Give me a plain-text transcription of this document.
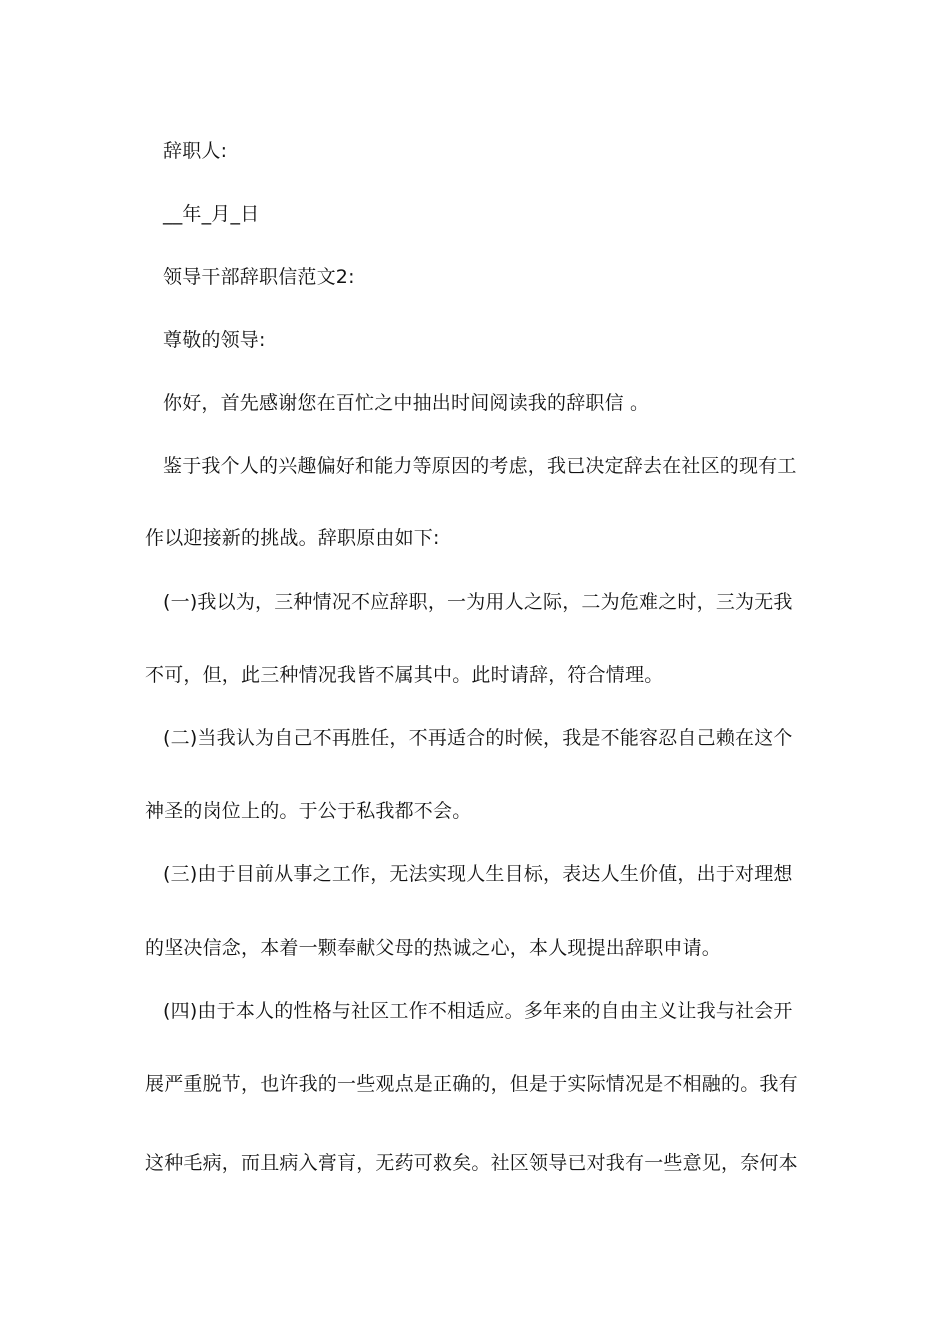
辞职人:
__年_月_日
领导干部辞职信范文2:
尊敬的领导:
你好，首先感谢您在百忙之中抽出时间阅读我的辞职信 。
鉴于我个人的兴趣偏好和能力等原因的考虑，我已决定辞去在社区的现有工
作以迎接新的挑战。辞职原由如下:
(一)我以为，三种情况不应辞职，一为用人之际，二为危难之时，三为无我
不可，但，此三种情况我皆不属其中。此时请辞，符合情理。
(二)当我认为自己不再胜任，不再适合的时候，我是不能容忍自己赖在这个
神圣的岗位上的。于公于私我都不会。
(三)由于目前从事之工作，无法实现人生目标，表达人生价值，出于对理想
的坚决信念，本着一颗奉献父母的热诚之心，本人现提出辞职申请。
(四)由于本人的性格与社区工作不相适应。多年来的自由主义让我与社会开
展严重脱节，也许我的一些观点是正确的，但是于实际情况是不相融的。我有
这种毛病，而且病入膏肓，无药可救矣。社区领导已对我有一些意见，奈何本
